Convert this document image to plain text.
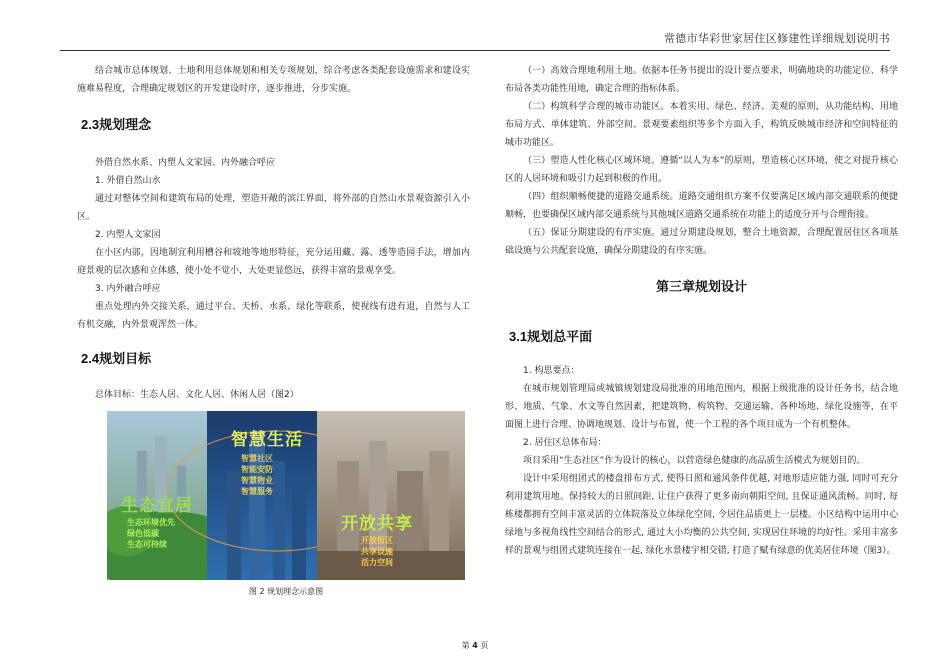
常德市华彩世家居住区修建性详细规划说明书

结合城市总体规划、土地利用总体规划和相关专项规划，综合考虑各类配套设施需求和建设实施难易程度，合理确定规划区的开发建设时序，逐步推进，分步实施。

2.3规划理念

外借自然水系、内塑人文家园、内外融合呼应

1. 外借自然山水

通过对整体空间和建筑布局的处理，塑造开敞的滨江界面，将外部的自然山水景观资源引入小区。

2. 内塑人文家园

在小区内部，因地制宜利用槽谷和坡地等地形特征，充分运用藏、露、透等造园手法，增加内庭景观的层次感和立体感，使小处不觉小，大处更显悠远，获得丰富的景观享受。

3. 内外融合呼应

重点处理内外交接关系，通过平台、天桥、水系、绿化等联系，使视线有进有退，自然与人工有机交融，内外景观浑然一体。

2.4规划目标

总体目标：生态人居、文化人居、休闲人居（图2）

生态宜居
生态环境优先
绿色低碳
生态可持续
智慧生活
智慧社区
智能安防
智慧物业
智慧服务
开放共享
开放街区
共享设施
活力空间
图 2 规划理念示意图

（一）高效合理地利用土地。依据本任务书提出的设计要点要求，明确地块的功能定位、科学布局各类功能性用地，确定合理的指标体系。

（二）构筑科学合理的城市功能区。本着实用、绿色、经济、美观的原则，从功能结构、用地布局方式、单体建筑、外部空间、景观要素组织等多个方面入手，构筑反映城市经济和空间特征的城市功能区。

（三）塑造人性化核心区域环境。遵循“以人为本”的原则，塑造核心区环境，使之对提升核心区的人居环境和吸引力起到积极的作用。

（四）组织顺畅便捷的道路交通系统。道路交通组织方案不仅要满足区域内部交通联系的便捷顺畅，也要确保区域内部交通系统与其他城区道路交通系统在功能上的适度分开与合理衔接。

（五）保证分期建设的有序实施。通过分期建设规划，整合土地资源，合理配置居住区各项基础设施与公共配套设施，确保分期建设的有序实施。

第三章规划设计

3.1规划总平面

1. 构思要点：

在城市规划管理局或城镇规划建设局批准的用地范围内，根据上级批准的设计任务书，结合地形、地质、气象、水文等自然因素，把建筑物、构筑物、交通运输、各种场地、绿化设施等，在平面图上进行合理、协调地规划、设计与布置，使一个工程的各个项目成为一个有机整体。

2. 居住区总体布局：

项目采用“生态社区”作为设计的核心，以营造绿色健康的高品质生活模式为规划目的。

设计中采用组团式的楼盘排布方式, 使得日照和通风条件优越, 对地形适应能力强, 同时可充分利用建筑用地。保持较大的日照间距, 让住户获得了更多南向朝阳空间, 且保证通风流畅。同时, 每栋楼都拥有空间丰富灵活的立体院落及立体绿化空间, 令居住品质更上一层楼。小区结构中运用中心绿地与多视角线性空间结合的形式, 通过大小均衡的公共空间, 实现居住环境的均好性。采用丰富多样的景观与组团式建筑连接在一起, 绿化水景楼宇相交错, 打造了赋有绿意的优美居住环境（图3）。

第 4 页
